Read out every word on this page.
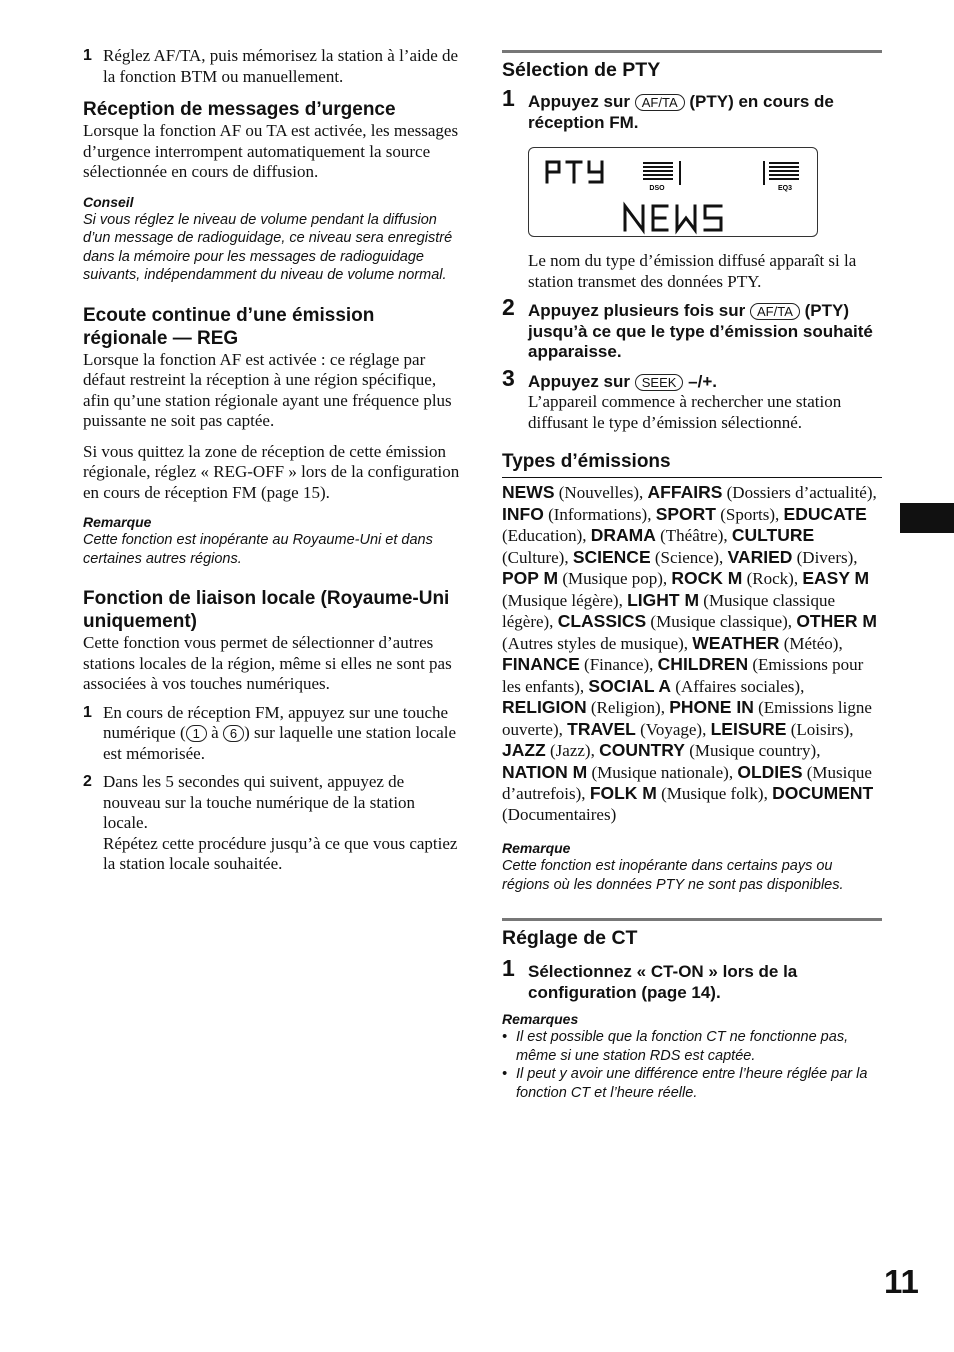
1 Réglez AF/TA, puis mémorisez la station à l’aide de la fonction BTM ou manuellement.

Réception de messages d’urgence

Lorsque la fonction AF ou TA est activée, les messages d’urgence interrompent automatiquement la source sélectionnée en cours de diffusion.

Conseil
Si vous réglez le niveau de volume pendant la diffusion d’un message de radioguidage, ce niveau sera enregistré dans la mémoire pour les messages de radioguidage suivants, indépendamment du niveau de volume normal.
Ecoute continue d’une émission régionale — REG

Lorsque la fonction AF est activée : ce réglage par défaut restreint la réception à une région spécifique, afin qu’une station régionale ayant une fréquence plus puissante ne soit pas captée.

Si vous quittez la zone de réception de cette émission régionale, réglez « REG-OFF » lors de la configuration en cours de réception FM (page 15).

Remarque
Cette fonction est inopérante au Royaume-Uni et dans certaines autres régions.
Fonction de liaison locale (Royaume-Uni uniquement)

Cette fonction vous permet de sélectionner d’autres stations locales de la région, même si elles ne sont pas associées à vos touches numériques.

1 En cours de réception FM, appuyez sur une touche numérique ( 1 à 6 ) sur laquelle une station locale est mémorisée.

2 Dans les 5 secondes qui suivent, appuyez de nouveau sur la touche numérique de la station locale.

Répétez cette procédure jusqu’à ce que vous captiez la station locale souhaitée.

Sélection de PTY
1 Appuyez sur AF/TA (PTY) en cours de réception FM.
DSO	EQ3

Le nom du type d’émission diffusé apparaît si la station transmet des données PTY.

2 Appuyez plusieurs fois sur AF/TA (PTY) jusqu’à ce que le type d’émission souhaité apparaisse.
3 Appuyez sur SEEK –/+.

L’appareil commence à rechercher une station diffusant le type d’émission sélectionné.

Types d’émissions

NEWS (Nouvelles), AFFAIRS (Dossiers d’actualité), INFO (Informations), SPORT (Sports), EDUCATE (Education), DRAMA (Théâtre), CULTURE (Culture), SCIENCE (Science), VARIED (Divers), POP M (Musique pop), ROCK M (Rock), EASY M (Musique légère), LIGHT M (Musique classique légère), CLASSICS (Musique classique), OTHER M (Autres styles de musique), WEATHER (Météo), FINANCE (Finance), CHILDREN (Emissions pour les enfants), SOCIAL A (Affaires sociales), RELIGION (Religion), PHONE IN (Emissions ligne ouverte), TRAVEL (Voyage), LEISURE (Loisirs), JAZZ (Jazz), COUNTRY (Musique country), NATION M (Musique nationale), OLDIES (Musique d’autrefois), FOLK M (Musique folk), DOCUMENT (Documentaires)

Remarque
Cette fonction est inopérante dans certains pays ou régions où les données PTY ne sont pas disponibles.
Réglage de CT
1 Sélectionnez « CT-ON » lors de la configuration (page 14).
Remarques
• Il est possible que la fonction CT ne fonctionne pas, même si une station RDS est captée.
• Il peut y avoir une différence entre l’heure réglée par la fonction CT et l’heure réelle.
11
